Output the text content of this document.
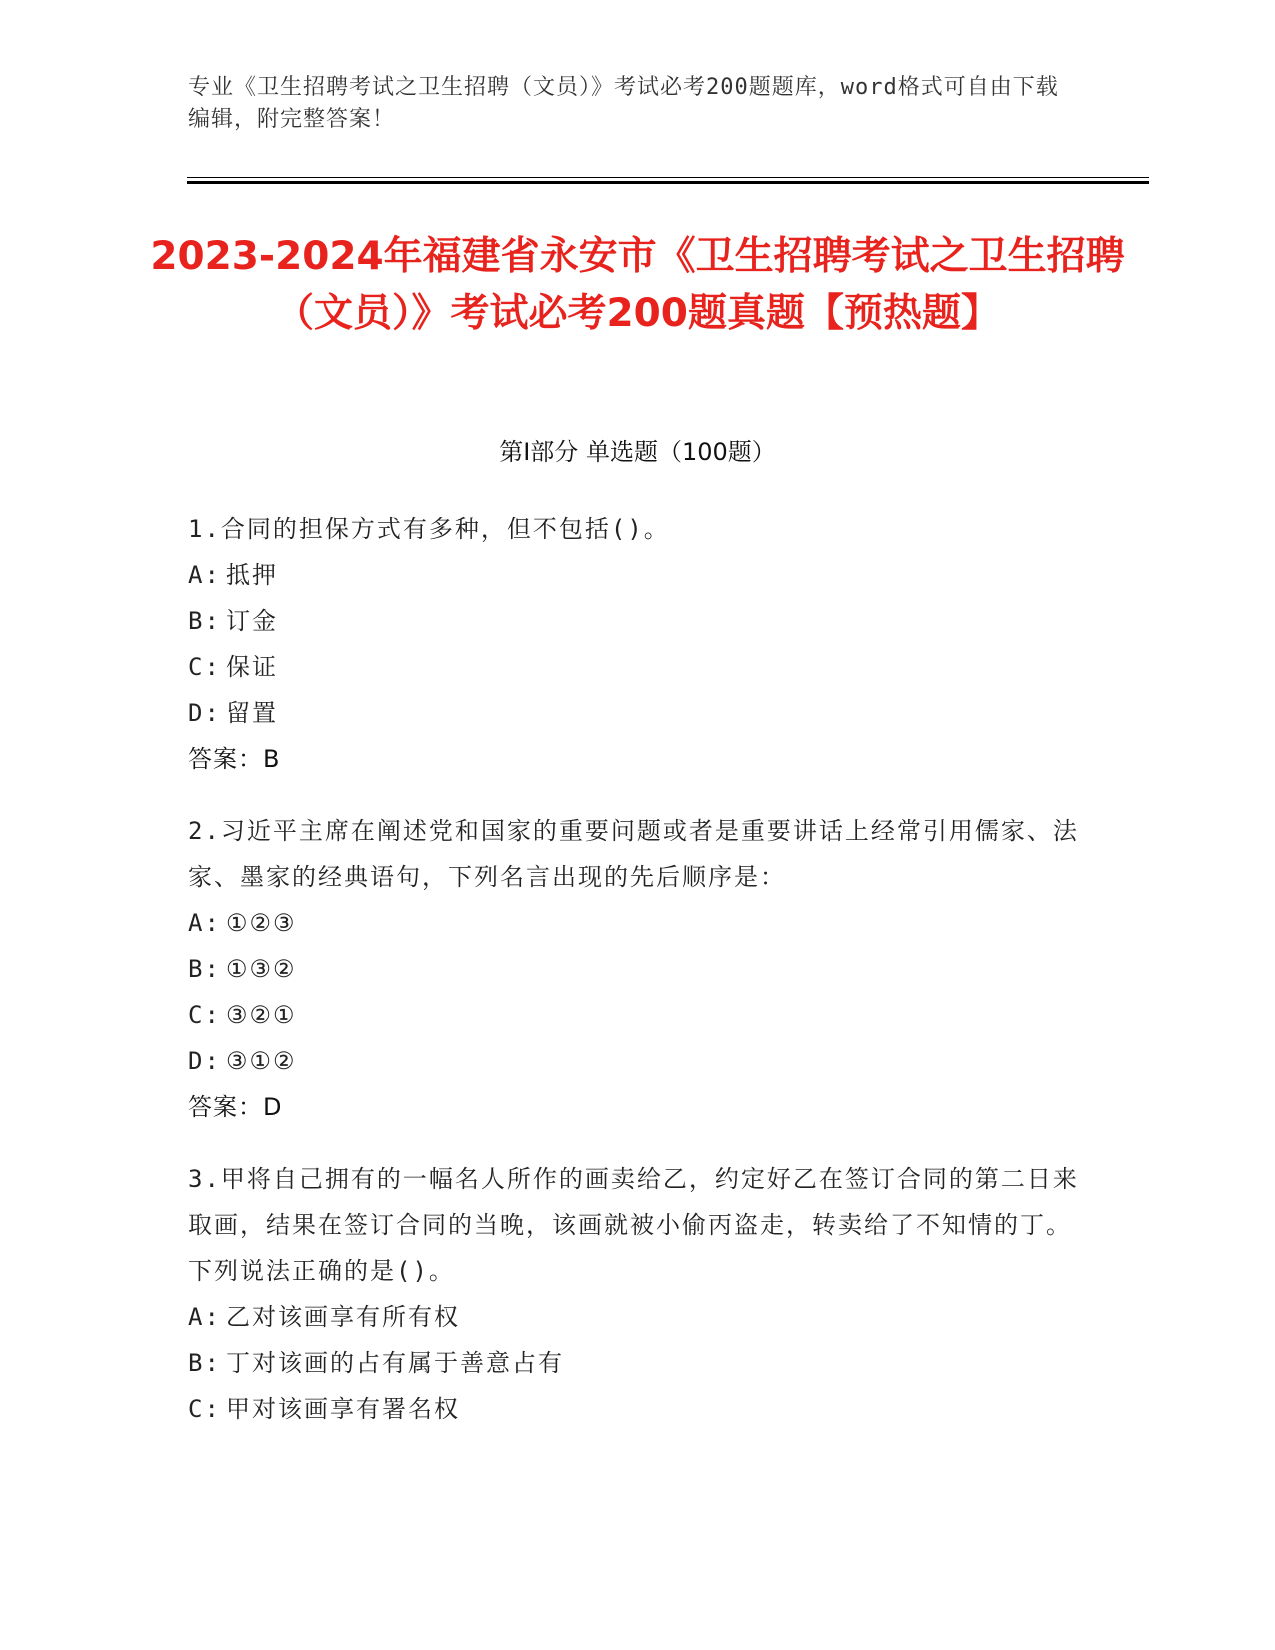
专业《卫生招聘考试之卫生招聘（文员）》考试必考200题题库，word格式可自由下载编辑，附完整答案！
2023-2024年福建省永安市《卫生招聘考试之卫生招聘（文员）》考试必考200题真题【预热题】
第I部分 单选题（100题）
1.合同的担保方式有多种，但不包括()。
A: 抵押
B: 订金
C: 保证
D: 留置
答案：B
2.习近平主席在阐述党和国家的重要问题或者是重要讲话上经常引用儒家、法家、墨家的经典语句，下列名言出现的先后顺序是：
A: ①②③
B: ①③②
C: ③②①
D: ③①②
答案：D
3.甲将自己拥有的一幅名人所作的画卖给乙，约定好乙在签订合同的第二日来取画，结果在签订合同的当晚，该画就被小偷丙盗走，转卖给了不知情的丁。下列说法正确的是()。
A: 乙对该画享有所有权
B: 丁对该画的占有属于善意占有
C: 甲对该画享有署名权
